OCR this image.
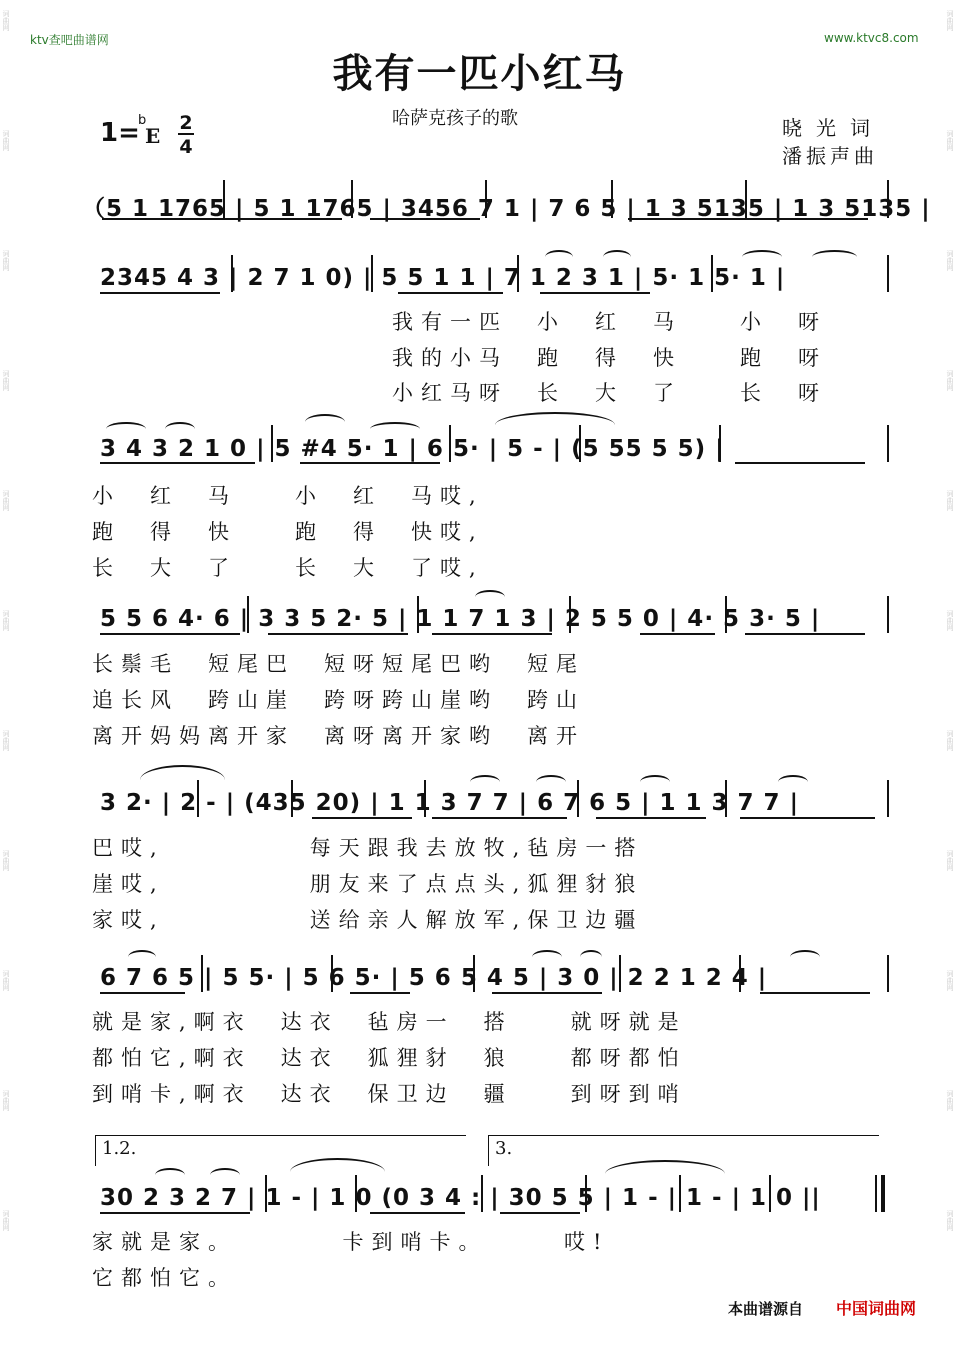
词曲网
词曲网
词曲网
词曲网
词曲网
词曲网
词曲网
词曲网
词曲网
词曲网
词曲网
词曲网
词曲网
词曲网
词曲网
词曲网
词曲网
词曲网
词曲网
词曲网
词曲网
词曲网
ktv查吧曲谱网	www.ktvc8.com
我有一匹小红马
哈萨克孩子的歌	晓光词
潘振声曲
1=
b
E
2
4
（5 1 1765 | 5 1 1765 | 3456 7 1 | 7 6 5 | 1 3 5135 | 1 3 5135 |
2345 4 3 | 2 7 1 0) | 5 5 1 1 | 7 1 2 3 1 | 5· 1 5· 1 |
我有一匹　小　红　马　　小　呀
我的小马　跑　得　快　　跑　呀
小红马呀　长　大　了　　长　呀
3 4 3 2 1 0 | 5 #4 5· 1 | 6 5· | 5 - | (5 55 5 5) |
小　红　马　　小　红　马哎,
跑　得　快　　跑　得　快哎,
长　大　了　　长　大　了哎,
5 5 6 4· 6 | 3 3 5 2· 5 | 1 1 7 1 3 | 2 5 5 0 | 4· 5 3· 5 |
长鬃毛　短尾巴　短呀短尾巴哟　短尾
追长风　跨山崖　跨呀跨山崖哟　跨山
离开妈妈离开家　离呀离开家哟　离开
3 2· | 2 - | (435 20) | 1 1 3 7 7 | 6 7 6 5 | 1 1 3 7 7 |
巴哎,　　　　　每天跟我去放牧,毡房一搭
崖哎,　　　　　朋友来了点点头,狐狸豺狼
家哎,　　　　　送给亲人解放军,保卫边疆
6 7 6 5 | 5 5· | 5 6 5· | 5 6 5 4 5 | 3 0 | 2 2 1 2 4 |
就是家,啊衣　达衣　毡房一　搭　　就呀就是
都怕它,啊衣　达衣　狐狸豺　狼　　都呀都怕
到哨卡,啊衣　达衣　保卫边　疆　　到呀到哨
1.2.	3.
30 2 3 2 7 | 1 - | 1 0 (0 3 4 : | 30 5 5 | 1 - | 1 - | 1 0 ||
家就是家。　　　　卡到哨卡。　　　哎!
它都怕它。
本曲谱源自 中国词曲网
